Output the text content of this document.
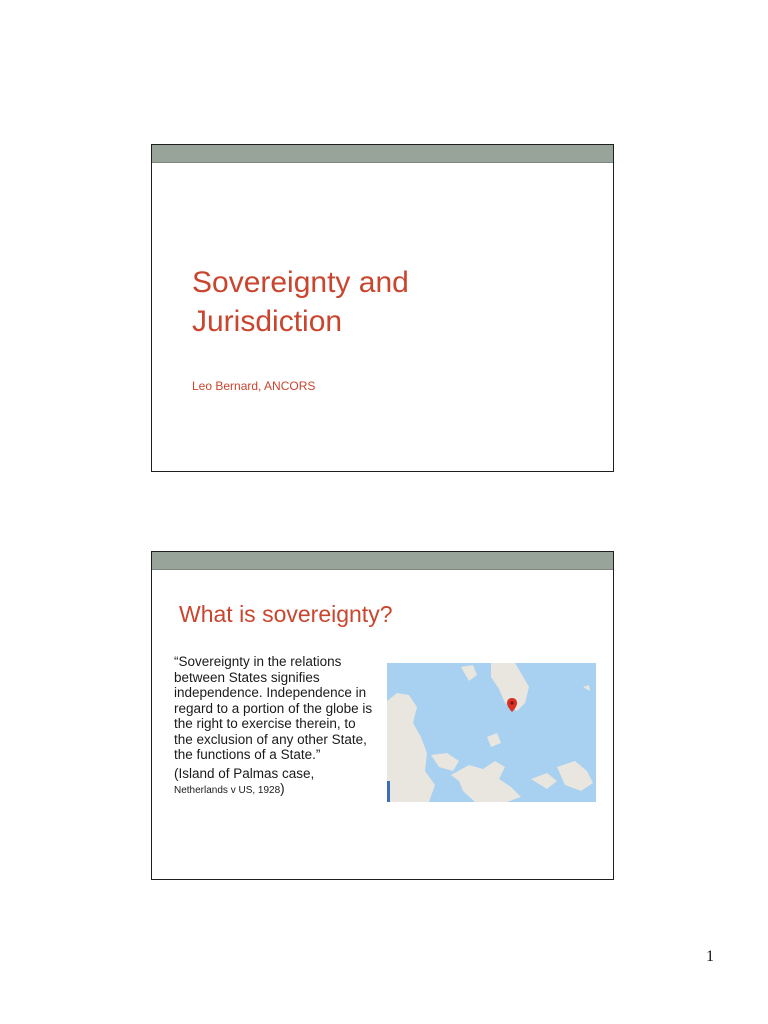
Sovereignty and
Jurisdiction
Leo Bernard, ANCORS
What is sovereignty?
“Sovereignty in the relations between States signifies independence. Independence in regard to a portion of the globe is the right to exercise therein, to the exclusion of any other State, the functions of a State.”
(Island of Palmas case,
Netherlands v US, 1928)
1
